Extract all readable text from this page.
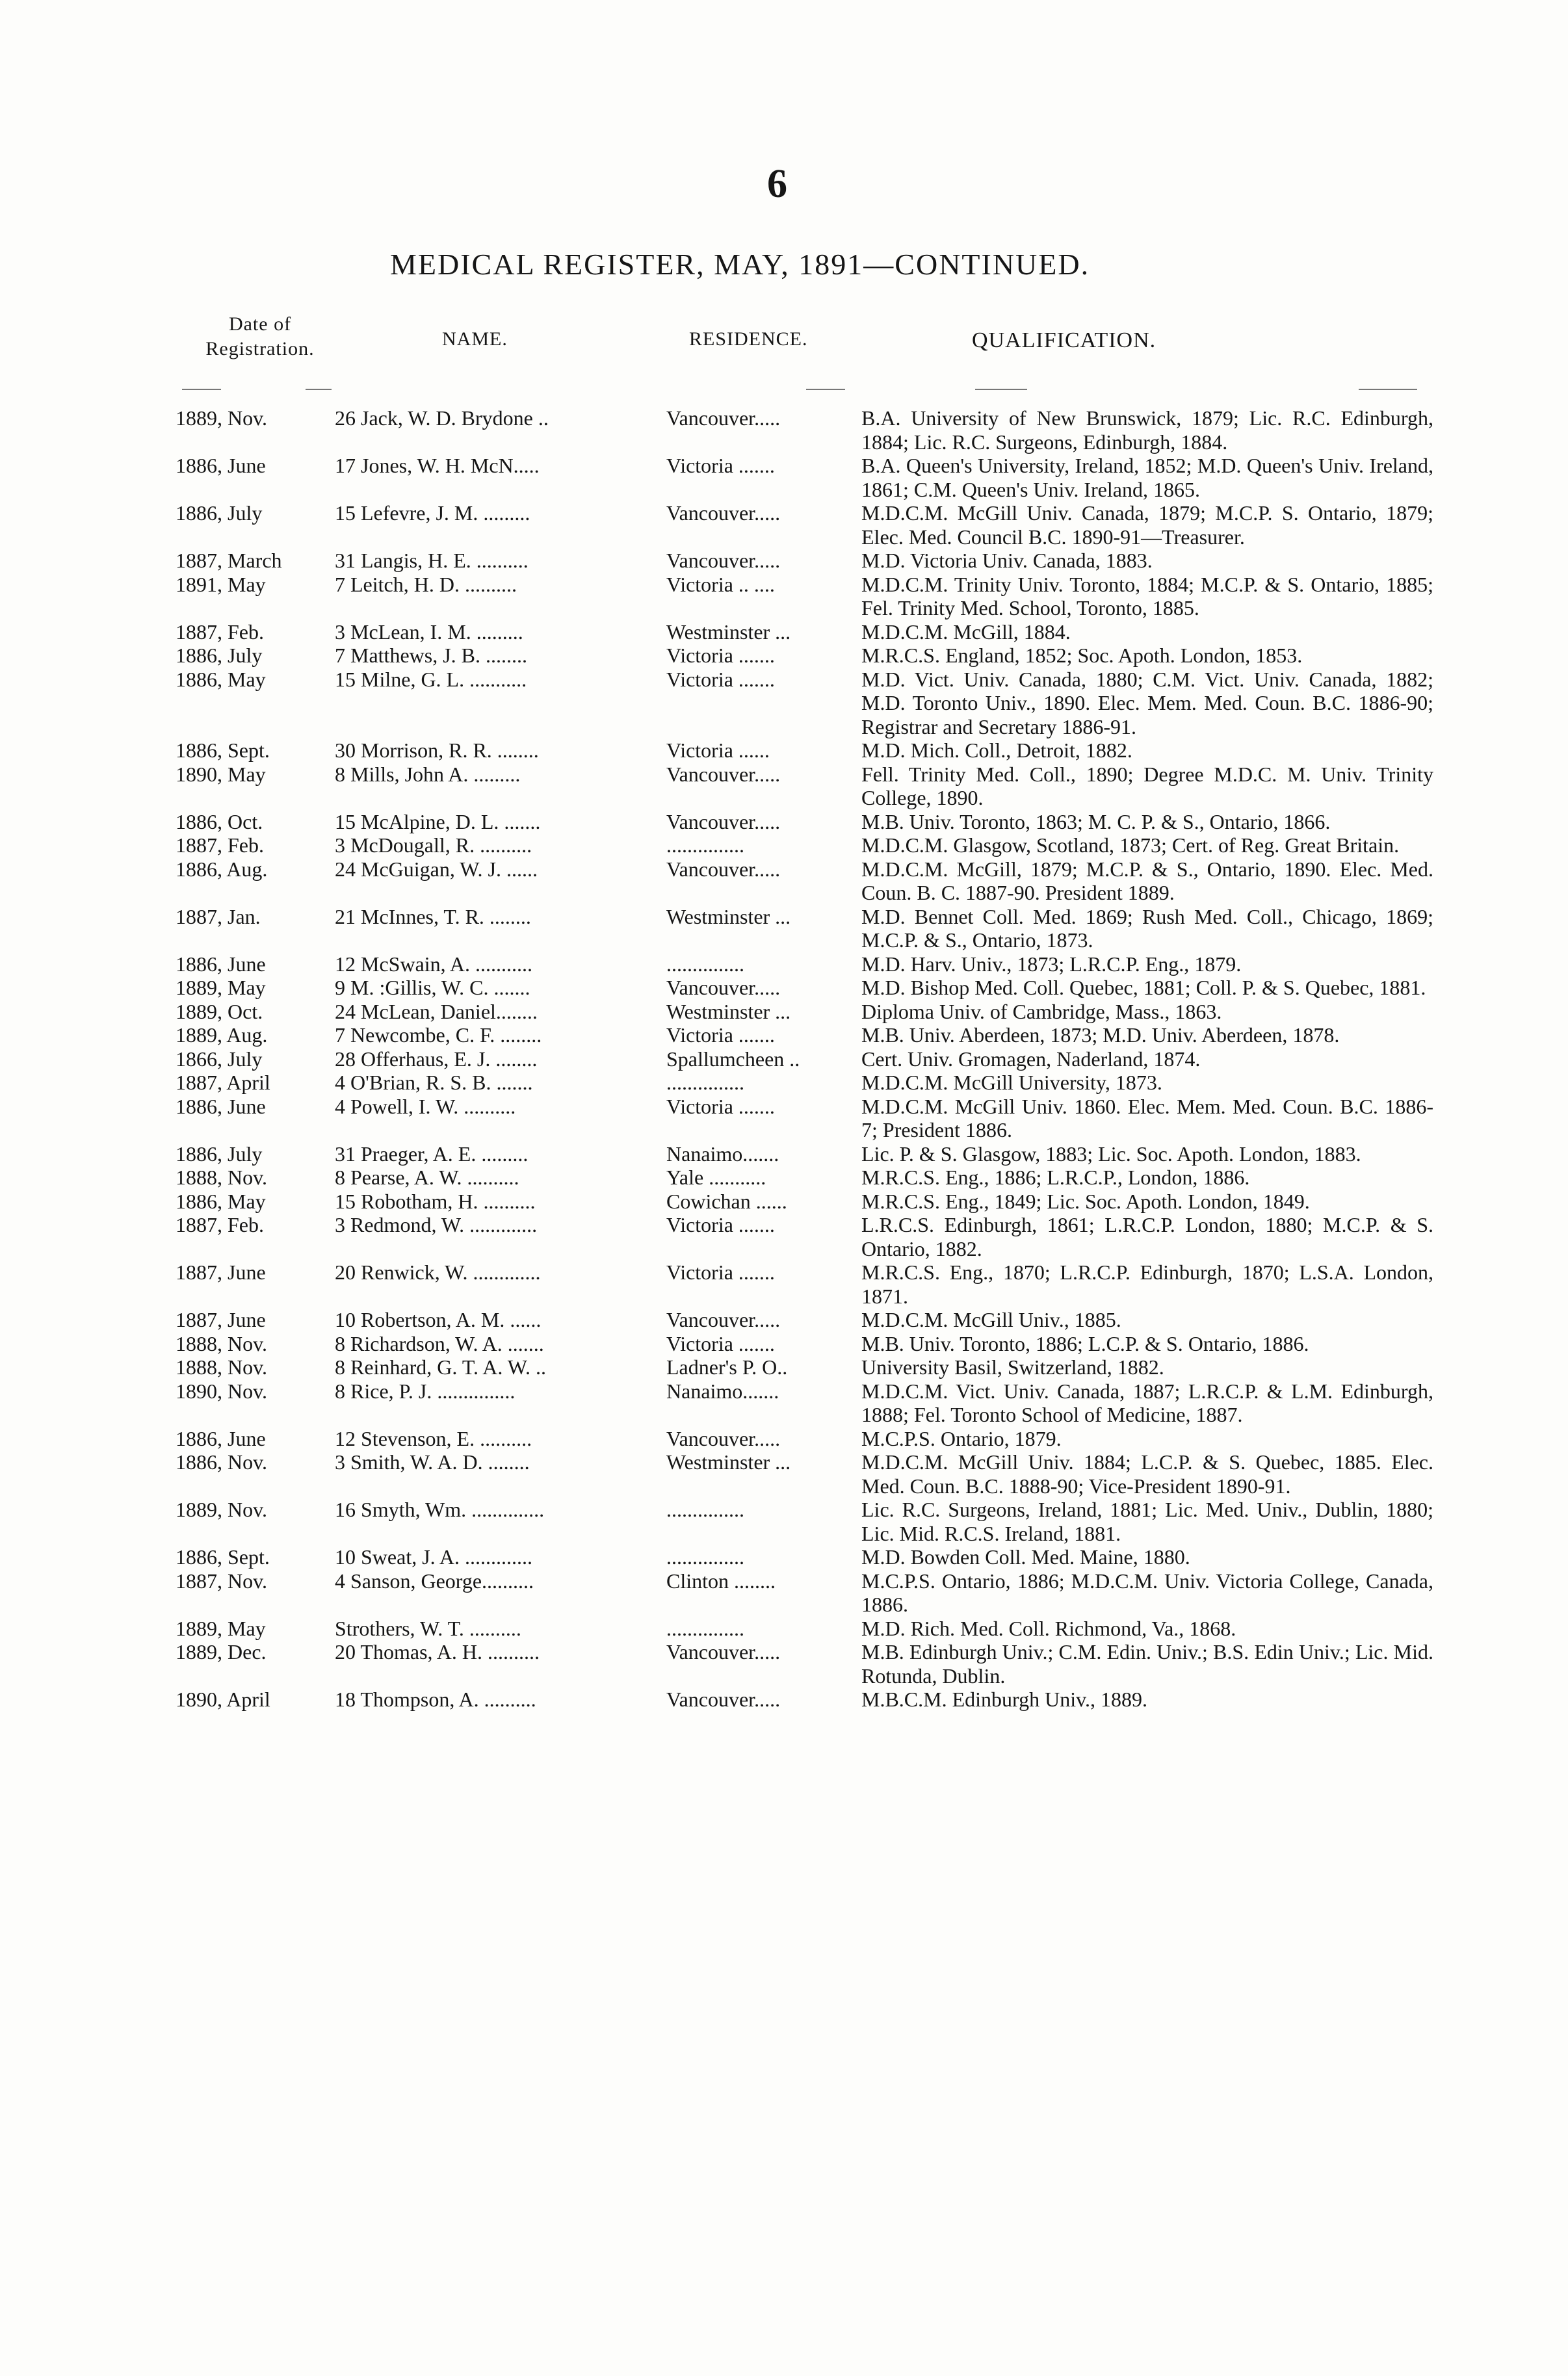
6
MEDICAL REGISTER, MAY, 1891—CONTINUED.
Date of
Registration.	NAME.	RESIDENCE.	QUALIFICATION.
1889, Nov.	26 Jack, W. D. Brydone ..	Vancouver.....	B.A. University of New Brunswick, 1879; Lic. R.C. Edinburgh, 1884; Lic. R.C. Surgeons, Edinburgh, 1884.
1886, June	17 Jones, W. H. McN.....	Victoria .......	B.A. Queen's University, Ireland, 1852; M.D. Queen's Univ. Ireland, 1861; C.M. Queen's Univ. Ireland, 1865.
1886, July	15 Lefevre, J. M. .........	Vancouver.....	M.D.C.M. McGill Univ. Canada, 1879; M.C.P. S. Ontario, 1879; Elec. Med. Council B.C. 1890-91—Treasurer.
1887, March	31 Langis, H. E. ..........	Vancouver.....	M.D. Victoria Univ. Canada, 1883.
1891, May	7 Leitch, H. D. ..........	Victoria .. ....	M.D.C.M. Trinity Univ. Toronto, 1884; M.C.P. & S. Ontario, 1885; Fel. Trinity Med. School, Toronto, 1885.
1887, Feb.	3 McLean, I. M. .........	Westminster ...	M.D.C.M. McGill, 1884.
1886, July	7 Matthews, J. B. ........	Victoria .......	M.R.C.S. England, 1852; Soc. Apoth. London, 1853.
1886, May	15 Milne, G. L. ...........	Victoria .......	M.D. Vict. Univ. Canada, 1880; C.M. Vict. Univ. Canada, 1882; M.D. Toronto Univ., 1890. Elec. Mem. Med. Coun. B.C. 1886-90; Registrar and Secretary 1886-91.
1886, Sept.	30 Morrison, R. R. ........	Victoria ......	M.D. Mich. Coll., Detroit, 1882.
1890, May	8 Mills, John A. .........	Vancouver.....	Fell. Trinity Med. Coll., 1890; Degree M.D.C. M. Univ. Trinity College, 1890.
1886, Oct.	15 McAlpine, D. L. .......	Vancouver.....	M.B. Univ. Toronto, 1863; M. C. P. & S., Ontario, 1866.
1887, Feb.	3 McDougall, R. ..........	...............	M.D.C.M. Glasgow, Scotland, 1873; Cert. of Reg. Great Britain.
1886, Aug.	24 McGuigan, W. J. ......	Vancouver.....	M.D.C.M. McGill, 1879; M.C.P. & S., Ontario, 1890. Elec. Med. Coun. B. C. 1887-90. President 1889.
1887, Jan.	21 McInnes, T. R. ........	Westminster ...	M.D. Bennet Coll. Med. 1869; Rush Med. Coll., Chicago, 1869; M.C.P. & S., Ontario, 1873.
1886, June	12 McSwain, A. ...........	...............	M.D. Harv. Univ., 1873; L.R.C.P. Eng., 1879.
1889, May	9 M. :Gillis, W. C. .......	Vancouver.....	M.D. Bishop Med. Coll. Quebec, 1881; Coll. P. & S. Quebec, 1881.
1889, Oct.	24 McLean, Daniel........	Westminster ...	Diploma Univ. of Cambridge, Mass., 1863.
1889, Aug.	7 Newcombe, C. F. ........	Victoria .......	M.B. Univ. Aberdeen, 1873; M.D. Univ. Aberdeen, 1878.
1866, July	28 Offerhaus, E. J. ........	Spallumcheen ..	Cert. Univ. Gromagen, Naderland, 1874.
1887, April	4 O'Brian, R. S. B. .......	...............	M.D.C.M. McGill University, 1873.
1886, June	4 Powell, I. W. ..........	Victoria .......	M.D.C.M. McGill Univ. 1860. Elec. Mem. Med. Coun. B.C. 1886-7; President 1886.
1886, July	31 Praeger, A. E. .........	Nanaimo.......	Lic. P. & S. Glasgow, 1883; Lic. Soc. Apoth. London, 1883.
1888, Nov.	8 Pearse, A. W. ..........	Yale ...........	M.R.C.S. Eng., 1886; L.R.C.P., London, 1886.
1886, May	15 Robotham, H. ..........	Cowichan ......	M.R.C.S. Eng., 1849; Lic. Soc. Apoth. London, 1849.
1887, Feb.	3 Redmond, W. .............	Victoria .......	L.R.C.S. Edinburgh, 1861; L.R.C.P. London, 1880; M.C.P. & S. Ontario, 1882.
1887, June	20 Renwick, W. .............	Victoria .......	M.R.C.S. Eng., 1870; L.R.C.P. Edinburgh, 1870; L.S.A. London, 1871.
1887, June	10 Robertson, A. M. ......	Vancouver.....	M.D.C.M. McGill Univ., 1885.
1888, Nov.	8 Richardson, W. A. .......	Victoria .......	M.B. Univ. Toronto, 1886; L.C.P. & S. Ontario, 1886.
1888, Nov.	8 Reinhard, G. T. A. W. ..	Ladner's P. O..	University Basil, Switzerland, 1882.
1890, Nov.	8 Rice, P. J. ...............	Nanaimo.......	M.D.C.M. Vict. Univ. Canada, 1887; L.R.C.P. & L.M. Edinburgh, 1888; Fel. Toronto School of Medicine, 1887.
1886, June	12 Stevenson, E. ..........	Vancouver.....	M.C.P.S. Ontario, 1879.
1886, Nov.	3 Smith, W. A. D. ........	Westminster ...	M.D.C.M. McGill Univ. 1884; L.C.P. & S. Quebec, 1885. Elec. Med. Coun. B.C. 1888-90; Vice-President 1890-91.
1889, Nov.	16 Smyth, Wm. ..............	...............	Lic. R.C. Surgeons, Ireland, 1881; Lic. Med. Univ., Dublin, 1880; Lic. Mid. R.C.S. Ireland, 1881.
1886, Sept.	10 Sweat, J. A. .............	...............	M.D. Bowden Coll. Med. Maine, 1880.
1887, Nov.	4 Sanson, George..........	Clinton ........	M.C.P.S. Ontario, 1886; M.D.C.M. Univ. Victoria College, Canada, 1886.
1889, May	Strothers, W. T. ..........	...............	M.D. Rich. Med. Coll. Richmond, Va., 1868.
1889, Dec.	20 Thomas, A. H. ..........	Vancouver.....	M.B. Edinburgh Univ.; C.M. Edin. Univ.; B.S. Edin Univ.; Lic. Mid. Rotunda, Dublin.
1890, April	18 Thompson, A. ..........	Vancouver.....	M.B.C.M. Edinburgh Univ., 1889.
